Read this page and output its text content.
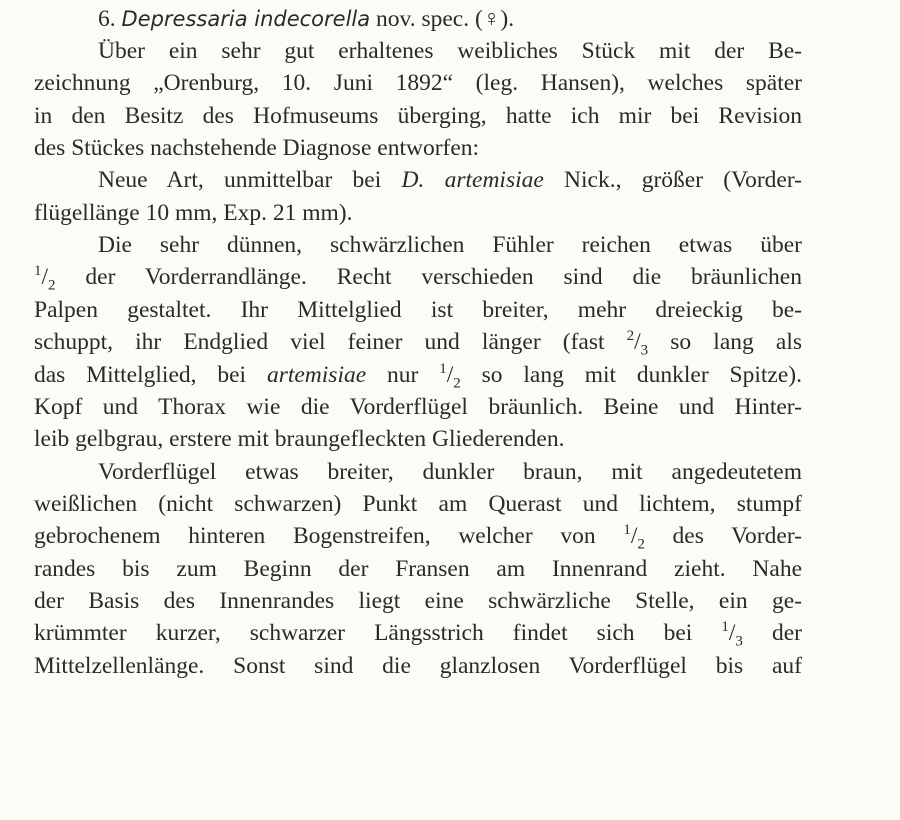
6. Depressaria indecorella nov. spec. (♀).
Über ein sehr gut erhaltenes weibliches Stück mit der Be-
zeichnung „Orenburg, 10. Juni 1892“ (leg. Hansen), welches später
in den Besitz des Hofmuseums überging, hatte ich mir bei Revision
des Stückes nachstehende Diagnose entworfen:
Neue Art, unmittelbar bei D. artemisiae Nick., größer (Vorder-
flügellänge 10 mm, Exp. 21 mm).
Die sehr dünnen, schwärzlichen Fühler reichen etwas über
$^1/_2$ der Vorderrandlänge. Recht verschieden sind die bräunlichen
Palpen gestaltet. Ihr Mittelglied ist breiter, mehr dreieckig be-
schuppt, ihr Endglied viel feiner und länger (fast $^2/_3$ so lang als
das Mittelglied, bei artemisiae nur $^1/_2$ so lang mit dunkler Spitze).
Kopf und Thorax wie die Vorderflügel bräunlich. Beine und Hinter-
leib gelbgrau, erstere mit braungefleckten Gliederenden.
Vorderflügel etwas breiter, dunkler braun, mit angedeutetem
weißlichen (nicht schwarzen) Punkt am Querast und lichtem, stumpf
gebrochenem hinteren Bogenstreifen, welcher von $^1/_2$ des Vorder-
randes bis zum Beginn der Fransen am Innenrand zieht. Nahe
der Basis des Innenrandes liegt eine schwärzliche Stelle, ein ge-
krümmter kurzer, schwarzer Längsstrich findet sich bei $^1/_3$ der
Mittelzellenlänge. Sonst sind die glanzlosen Vorderflügel bis auf
